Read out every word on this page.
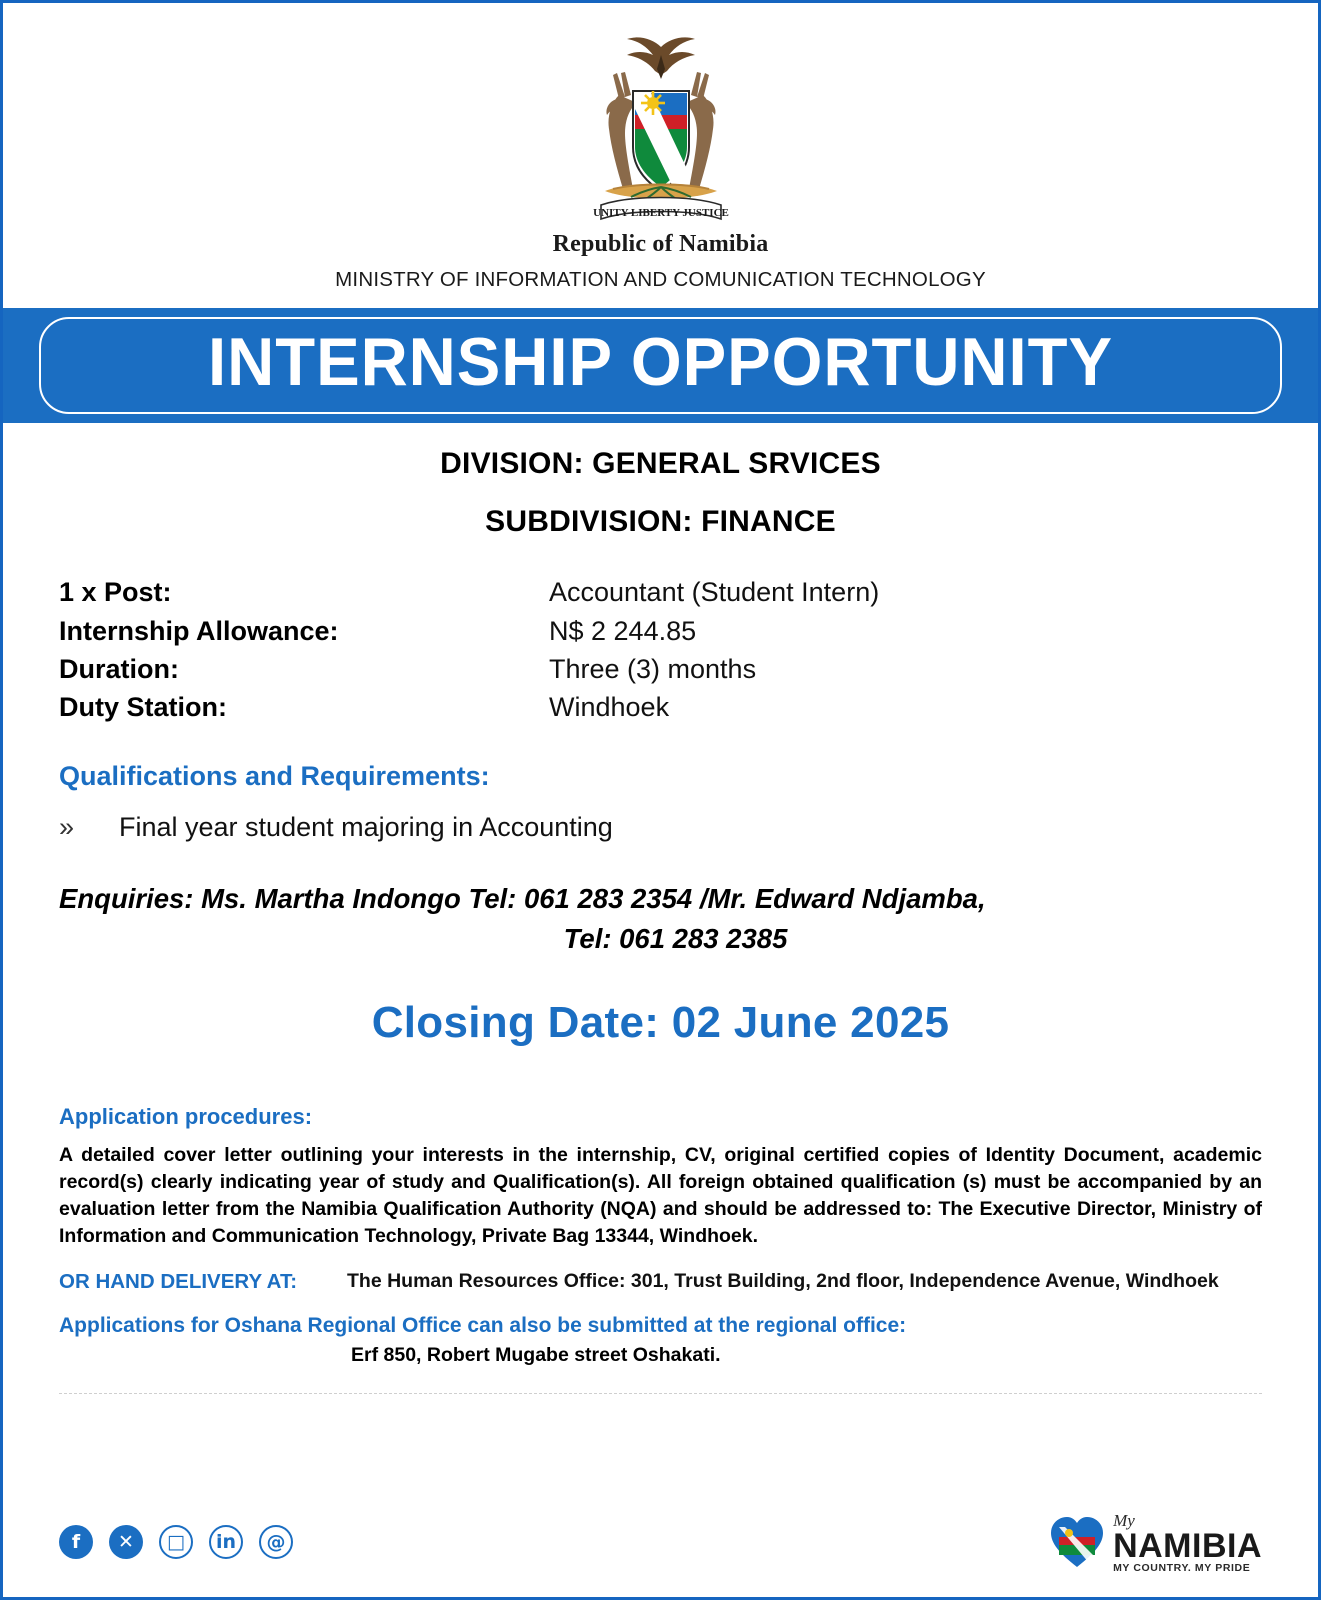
UNITY LIBERTY JUSTICE
Republic of Namibia
MINISTRY OF INFORMATION AND COMUNICATION TECHNOLOGY
INTERNSHIP OPPORTUNITY
DIVISION: GENERAL SRVICES
SUBDIVISION: FINANCE
1 x Post:	Accountant (Student Intern)
Internship Allowance:	N$ 2 244.85
Duration:	Three (3) months
Duty Station:	Windhoek
Qualifications and Requirements:
»	Final year student majoring in Accounting
Enquiries: Ms. Martha Indongo Tel: 061 283 2354 /Mr. Edward Ndjamba,
Tel: 061 283 2385
Closing Date: 02 June 2025
Application procedures:
A detailed cover letter outlining your interests in the internship, CV, original certified copies of Identity Document, academic record(s) clearly indicating year of study and Qualification(s). All foreign obtained qualification (s) must be accompanied by an evaluation letter from the Namibia Qualification Authority (NQA) and should be addressed to: The Executive Director, Ministry of Information and Communication Technology, Private Bag 13344, Windhoek.
OR HAND DELIVERY AT:	The Human Resources Office: 301, Trust Building, 2nd floor, Independence Avenue, Windhoek
Applications for Oshana Regional Office can also be submitted at the regional office:
Erf 850, Robert Mugabe street Oshakati.
f	✕	□	in	@
My
NAMIBIA
MY COUNTRY. MY PRIDE
